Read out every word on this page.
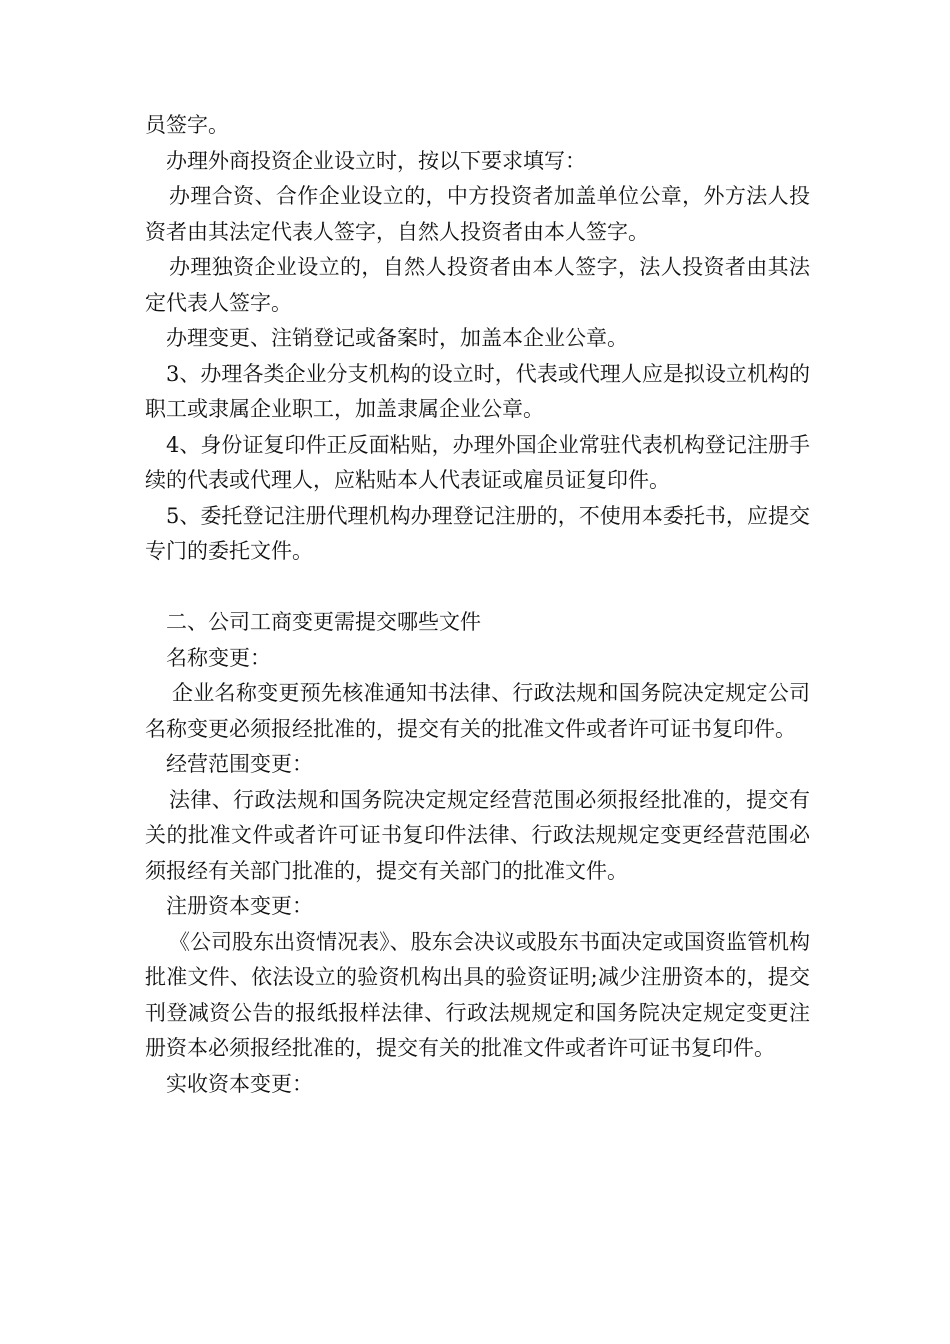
员签字。

办理外商投资企业设立时，按以下要求填写：

办理合资、合作企业设立的，中方投资者加盖单位公章，外方法人投资者由其法定代表人签字，自然人投资者由本人签字。

办理独资企业设立的，自然人投资者由本人签字，法人投资者由其法定代表人签字。

办理变更、注销登记或备案时，加盖本企业公章。

3、办理各类企业分支机构的设立时，代表或代理人应是拟设立机构的职工或隶属企业职工，加盖隶属企业公章。

4、身份证复印件正反面粘贴，办理外国企业常驻代表机构登记注册手续的代表或代理人，应粘贴本人代表证或雇员证复印件。

5、委托登记注册代理机构办理登记注册的，不使用本委托书，应提交专门的委托文件。

二、公司工商变更需提交哪些文件

名称变更：

企业名称变更预先核准通知书法律、行政法规和国务院决定规定公司名称变更必须报经批准的，提交有关的批准文件或者许可证书复印件。

经营范围变更：

法律、行政法规和国务院决定规定经营范围必须报经批准的，提交有关的批准文件或者许可证书复印件法律、行政法规规定变更经营范围必须报经有关部门批准的，提交有关部门的批准文件。

注册资本变更：

《公司股东出资情况表》、股东会决议或股东书面决定或国资监管机构批准文件、依法设立的验资机构出具的验资证明;减少注册资本的，提交刊登减资公告的报纸报样法律、行政法规规定和国务院决定规定变更注册资本必须报经批准的，提交有关的批准文件或者许可证书复印件。

实收资本变更：
